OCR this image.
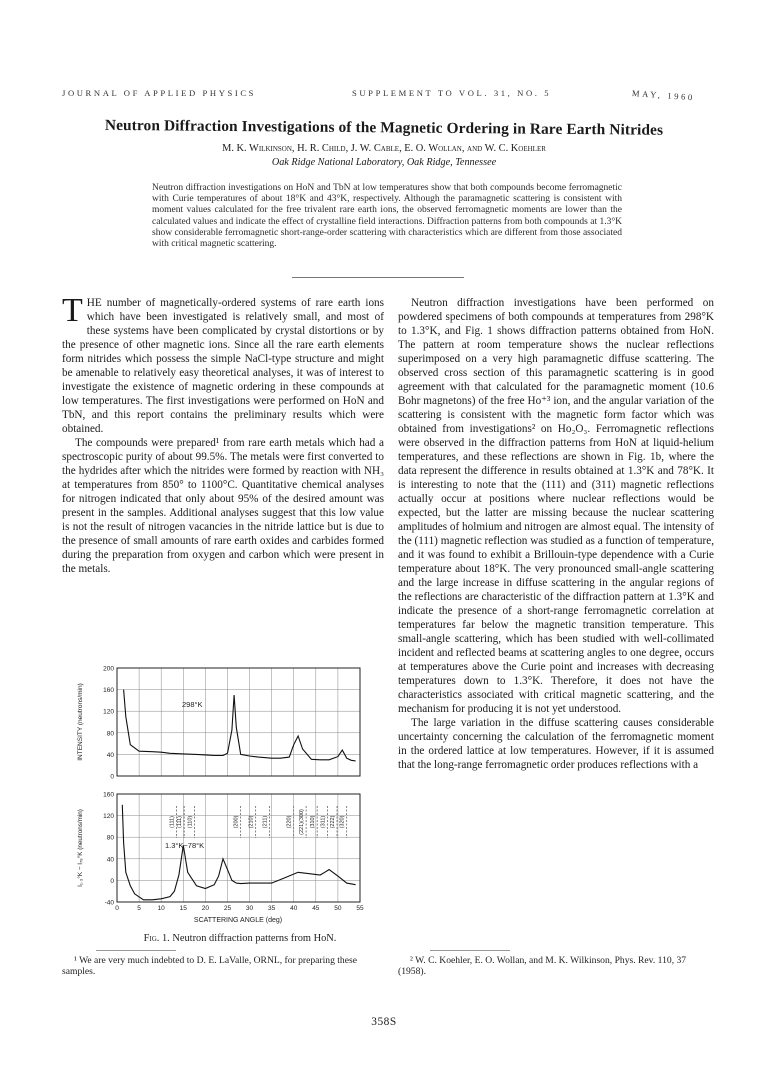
JOURNAL OF APPLIED PHYSICS	SUPPLEMENT TO VOL. 31, NO. 5	MAY, 1960
Neutron Diffraction Investigations of the Magnetic Ordering in Rare Earth Nitrides
M. K. Wilkinson, H. R. Child, J. W. Cable, E. O. Wollan, and W. C. Koehler
Oak Ridge National Laboratory, Oak Ridge, Tennessee
Neutron diffraction investigations on HoN and TbN at low temperatures show that both compounds become ferromagnetic with Curie temperatures of about 18°K and 43°K, respectively. Although the paramagnetic scattering is consistent with moment values calculated for the free trivalent rare earth ions, the observed ferromagnetic moments are lower than the calculated values and indicate the effect of crystalline field interactions. Diffraction patterns from both compounds at 1.3°K show considerable ferromagnetic short-range-order scattering with characteristics which are different from those associated with critical magnetic scattering.

THE number of magnetically-ordered systems of rare earth ions which have been investigated is relatively small, and most of these systems have been complicated by crystal distortions or by the presence of other magnetic ions. Since all the rare earth elements form nitrides which possess the simple NaCl-type structure and might be amenable to relatively easy theoretical analyses, it was of interest to investigate the existence of magnetic ordering in these compounds at low temperatures. The first investigations were performed on HoN and TbN, and this report contains the preliminary results which were obtained.

The compounds were prepared¹ from rare earth metals which had a spectroscopic purity of about 99.5%. The metals were first converted to the hydrides after which the nitrides were formed by reaction with NH₃ at temperatures from 850° to 1100°C. Quantitative chemical analyses for nitrogen indicated that only about 95% of the desired amount was present in the samples. Additional analyses suggest that this low value is not the result of nitrogen vacancies in the nitride lattice but is due to the presence of small amounts of rare earth oxides and carbides formed during the preparation from oxygen and carbon which were present in the metals.

0
40
80
120
160
200
-40
0
40
80
120
160
0	5	10 15 20 25 30 35 40 45 50 55
(111) (111) (110)	(200) (210) (211)	(220) (221)(300) (310) (311) (222) (320)
298°K
1.3°K−78°K
SCATTERING ANGLE (deg)
INTENSITY (neutrons/min)
I₁.₃°K − I₇₈°K (neutrons/min)
Fig. 1. Neutron diffraction patterns from HoN.

Neutron diffraction investigations have been performed on powdered specimens of both compounds at temperatures from 298°K to 1.3°K, and Fig. 1 shows diffraction patterns obtained from HoN. The pattern at room temperature shows the nuclear reflections superimposed on a very high paramagnetic diffuse scattering. The observed cross section of this paramagnetic scattering is in good agreement with that calculated for the paramagnetic moment (10.6 Bohr magnetons) of the free Ho⁺³ ion, and the angular variation of the scattering is consistent with the magnetic form factor which was obtained from investigations² on Ho₂O₃. Ferromagnetic reflections were observed in the diffraction patterns from HoN at liquid-helium temperatures, and these reflections are shown in Fig. 1b, where the data represent the difference in results obtained at 1.3°K and 78°K. It is interesting to note that the (111) and (311) magnetic reflections actually occur at positions where nuclear reflections would be expected, but the latter are missing because the nuclear scattering amplitudes of holmium and nitrogen are almost equal. The intensity of the (111) magnetic reflection was studied as a function of temperature, and it was found to exhibit a Brillouin-type dependence with a Curie temperature about 18°K. The very pronounced small-angle scattering and the large increase in diffuse scattering in the angular regions of the reflections are characteristic of the diffraction pattern at 1.3°K and indicate the presence of a short-range ferromagnetic correlation at temperatures far below the magnetic transition temperature. This small-angle scattering, which has been studied with well-collimated incident and reflected beams at scattering angles to one degree, occurs at temperatures above the Curie point and increases with decreasing temperatures down to 1.3°K. Therefore, it does not have the characteristics associated with critical magnetic scattering, and the mechanism for producing it is not yet understood.

The large variation in the diffuse scattering causes considerable uncertainty concerning the calculation of the ferromagnetic moment in the ordered lattice at low temperatures. However, if it is assumed that the long-range ferromagnetic order produces reflections with a

¹ We are very much indebted to D. E. LaValle, ORNL, for preparing these samples.
² W. C. Koehler, E. O. Wollan, and M. K. Wilkinson, Phys. Rev. 110, 37 (1958).
358S
